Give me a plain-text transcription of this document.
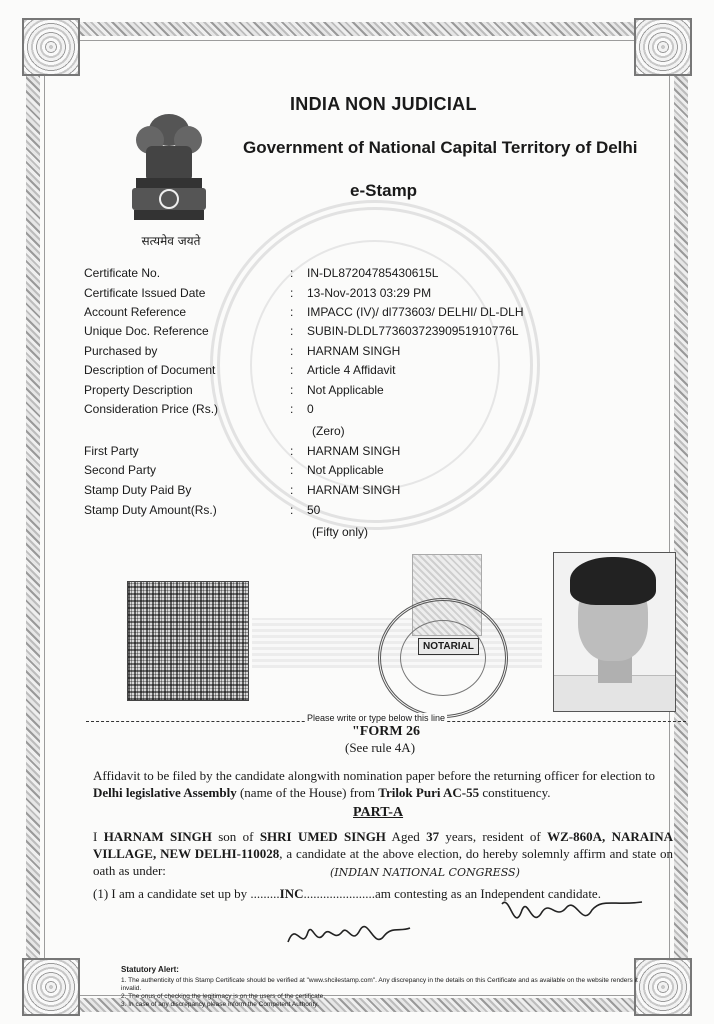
सत्यमेव जयते
INDIA NON JUDICIAL
Government of National Capital Territory of Delhi
e-Stamp
Certificate No.	: IN-DL87204785430615L
Certificate Issued Date	: 13-Nov-2013 03:29 PM
Account Reference	: IMPACC (IV)/ dl773603/ DELHI/ DL-DLH
Unique Doc. Reference	: SUBIN-DLDL77360372390951910776L
Purchased by	: HARNAM SINGH
Description of Document	: Article 4 Affidavit
Property Description	: Not Applicable
Consideration Price (Rs.)	: 0
(Zero)
First Party	: HARNAM SINGH
Second Party	: Not Applicable
Stamp Duty Paid By	: HARNAM SINGH
Stamp Duty Amount(Rs.)	: 50
(Fifty only)
NOTARIAL
Please write or type below this line
"FORM 26
(See rule 4A)
Affidavit to be filed by the candidate alongwith nomination paper before the returning officer for election to Delhi legislative Assembly (name of the House) from Trilok Puri AC-55 constituency.
PART-A
I HARNAM SINGH son of SHRI UMED SINGH Aged 37 years, resident of WZ-860A, NARAINA VILLAGE, NEW DELHI-110028, a candidate at the above election, do hereby solemnly affirm and state on oath as under:	(INDIAN NATIONAL CONGRESS)
(1) I am a candidate set up by .........INC......................am contesting as an Independent candidate.
Statutory Alert:
1. The authenticity of this Stamp Certificate should be verified at "www.shcilestamp.com". Any discrepancy in the details on this Certificate and as available on the website renders it invalid.
2. The onus of checking the legitimacy is on the users of the certificate.
3. In case of any discrepancy please inform the Competent Authority.
